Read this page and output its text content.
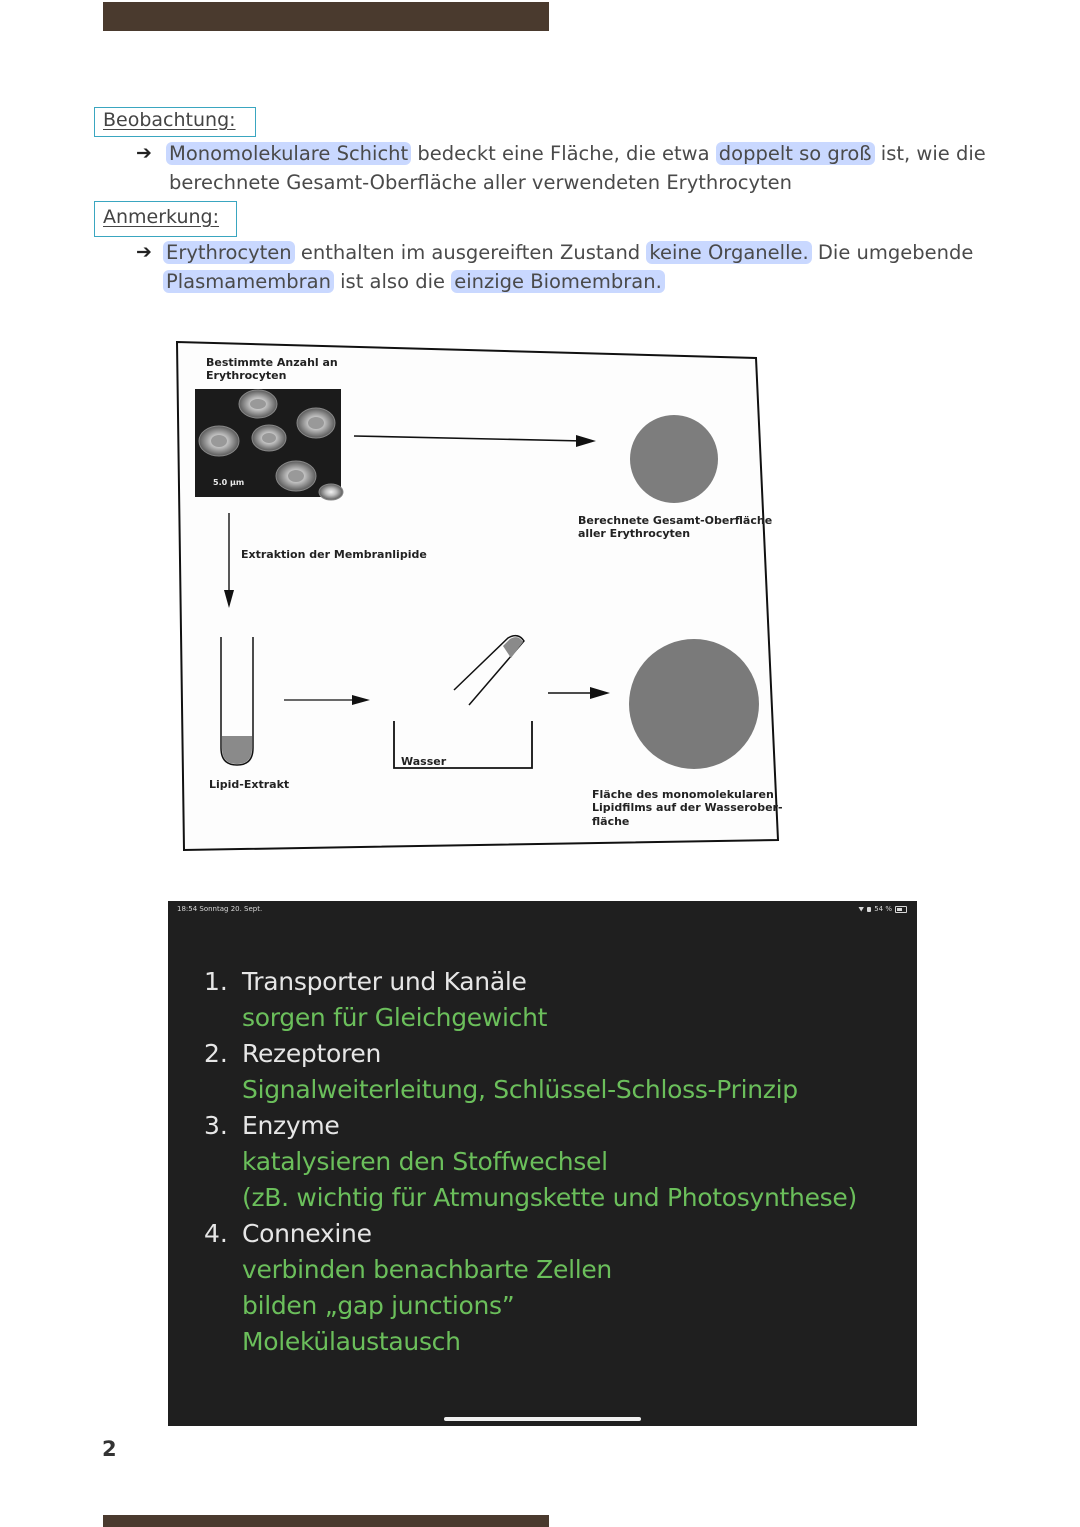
Beobachtung:
➔ Monomolekulare Schicht bedeckt eine Fläche, die etwa doppelt so groß ist, wie die
berechnete Gesamt-Oberfläche aller verwendeten Erythrocyten
Anmerkung:
➔ Erythrocyten enthalten im ausgereiften Zustand keine Organelle. Die umgebende
Plasmamembran ist also die einzige Biomembran.
Bestimmte Anzahl an
Erythrocyten
5.0 µm
Extraktion der Membranlipide
Berechnete Gesamt-Oberfläche
aller Erythrocyten
Lipid-Extrakt
Wasser
Fläche des monomolekularen
Lipidfilms auf der Wasserober-
fläche
18:54 Sonntag 20. Sept.	54 %
1. Transporter und Kanäle
sorgen für Gleichgewicht
2. Rezeptoren
Signalweiterleitung, Schlüssel-Schloss-Prinzip
3. Enzyme
katalysieren den Stoffwechsel
(zB. wichtig für Atmungskette und Photosynthese)
4. Connexine
verbinden benachbarte Zellen
bilden „gap junctions”
Molekülaustausch
2
